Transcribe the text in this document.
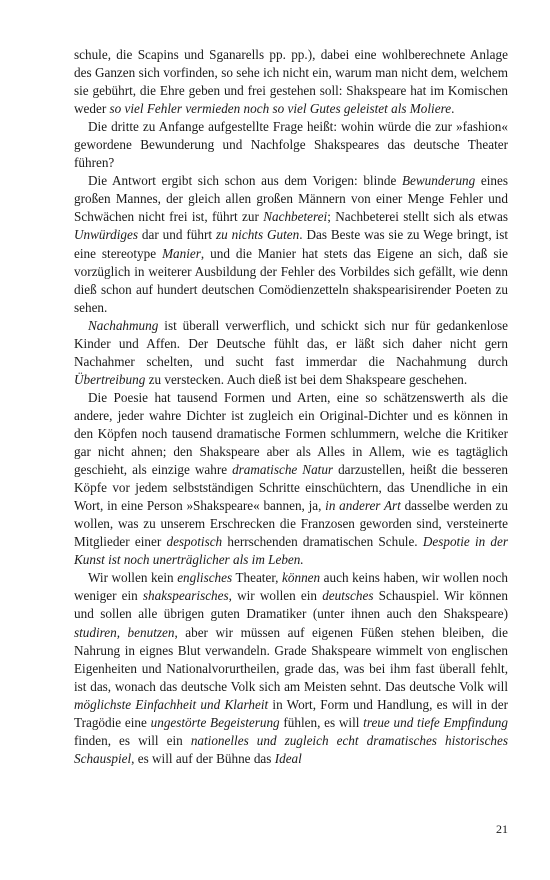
schule, die Scapins und Sganarells pp. pp.), dabei eine wohlberechnete Anlage des Ganzen sich vorfinden, so sehe ich nicht ein, warum man nicht dem, welchem sie gebührt, die Ehre geben und frei gestehen soll: Shakspeare hat im Komischen weder so viel Fehler vermieden noch so viel Gutes geleistet als Moliere.

Die dritte zu Anfange aufgestellte Frage heißt: wohin würde die zur »fashion« gewordene Bewunderung und Nachfolge Shakspeares das deutsche Theater führen?

Die Antwort ergibt sich schon aus dem Vorigen: blinde Bewunderung eines großen Mannes, der gleich allen großen Männern von einer Menge Fehler und Schwächen nicht frei ist, führt zur Nachbeterei; Nachbeterei stellt sich als etwas Unwürdiges dar und führt zu nichts Guten. Das Beste was sie zu Wege bringt, ist eine stereotype Manier, und die Manier hat stets das Eigene an sich, daß sie vorzüglich in weiterer Ausbildung der Fehler des Vorbildes sich gefällt, wie denn dieß schon auf hundert deutschen Comödienzetteln shakspearisirender Poeten zu sehen.

Nachahmung ist überall verwerflich, und schickt sich nur für gedankenlose Kinder und Affen. Der Deutsche fühlt das, er läßt sich daher nicht gern Nachahmer schelten, und sucht fast immerdar die Nachahmung durch Übertreibung zu verstecken. Auch dieß ist bei dem Shakspeare geschehen.

Die Poesie hat tausend Formen und Arten, eine so schätzenswerth als die andere, jeder wahre Dichter ist zugleich ein Original-Dichter und es können in den Köpfen noch tausend dramatische Formen schlummern, welche die Kritiker gar nicht ahnen; den Shakspeare aber als Alles in Allem, wie es tagtäglich geschieht, als einzige wahre dramatische Natur darzustellen, heißt die besseren Köpfe vor jedem selbstständigen Schritte einschüchtern, das Unendliche in ein Wort, in eine Person »Shakspeare« bannen, ja, in anderer Art dasselbe werden zu wollen, was zu unserem Erschrecken die Franzosen geworden sind, versteinerte Mitglieder einer despotisch herrschenden dramatischen Schule. Despotie in der Kunst ist noch unerträglicher als im Leben.

Wir wollen kein englisches Theater, können auch keins haben, wir wollen noch weniger ein shakspearisches, wir wollen ein deutsches Schauspiel. Wir können und sollen alle übrigen guten Dramatiker (unter ihnen auch den Shakspeare) studiren, benutzen, aber wir müssen auf eigenen Füßen stehen bleiben, die Nahrung in eignes Blut verwandeln. Grade Shakspeare wimmelt von englischen Eigenheiten und Nationalvorurtheilen, grade das, was bei ihm fast überall fehlt, ist das, wonach das deutsche Volk sich am Meisten sehnt. Das deutsche Volk will möglichste Einfachheit und Klarheit in Wort, Form und Handlung, es will in der Tragödie eine ungestörte Begeisterung fühlen, es will treue und tiefe Empfindung finden, es will ein nationelles und zugleich echt dramatisches historisches Schauspiel, es will auf der Bühne das Ideal

21
